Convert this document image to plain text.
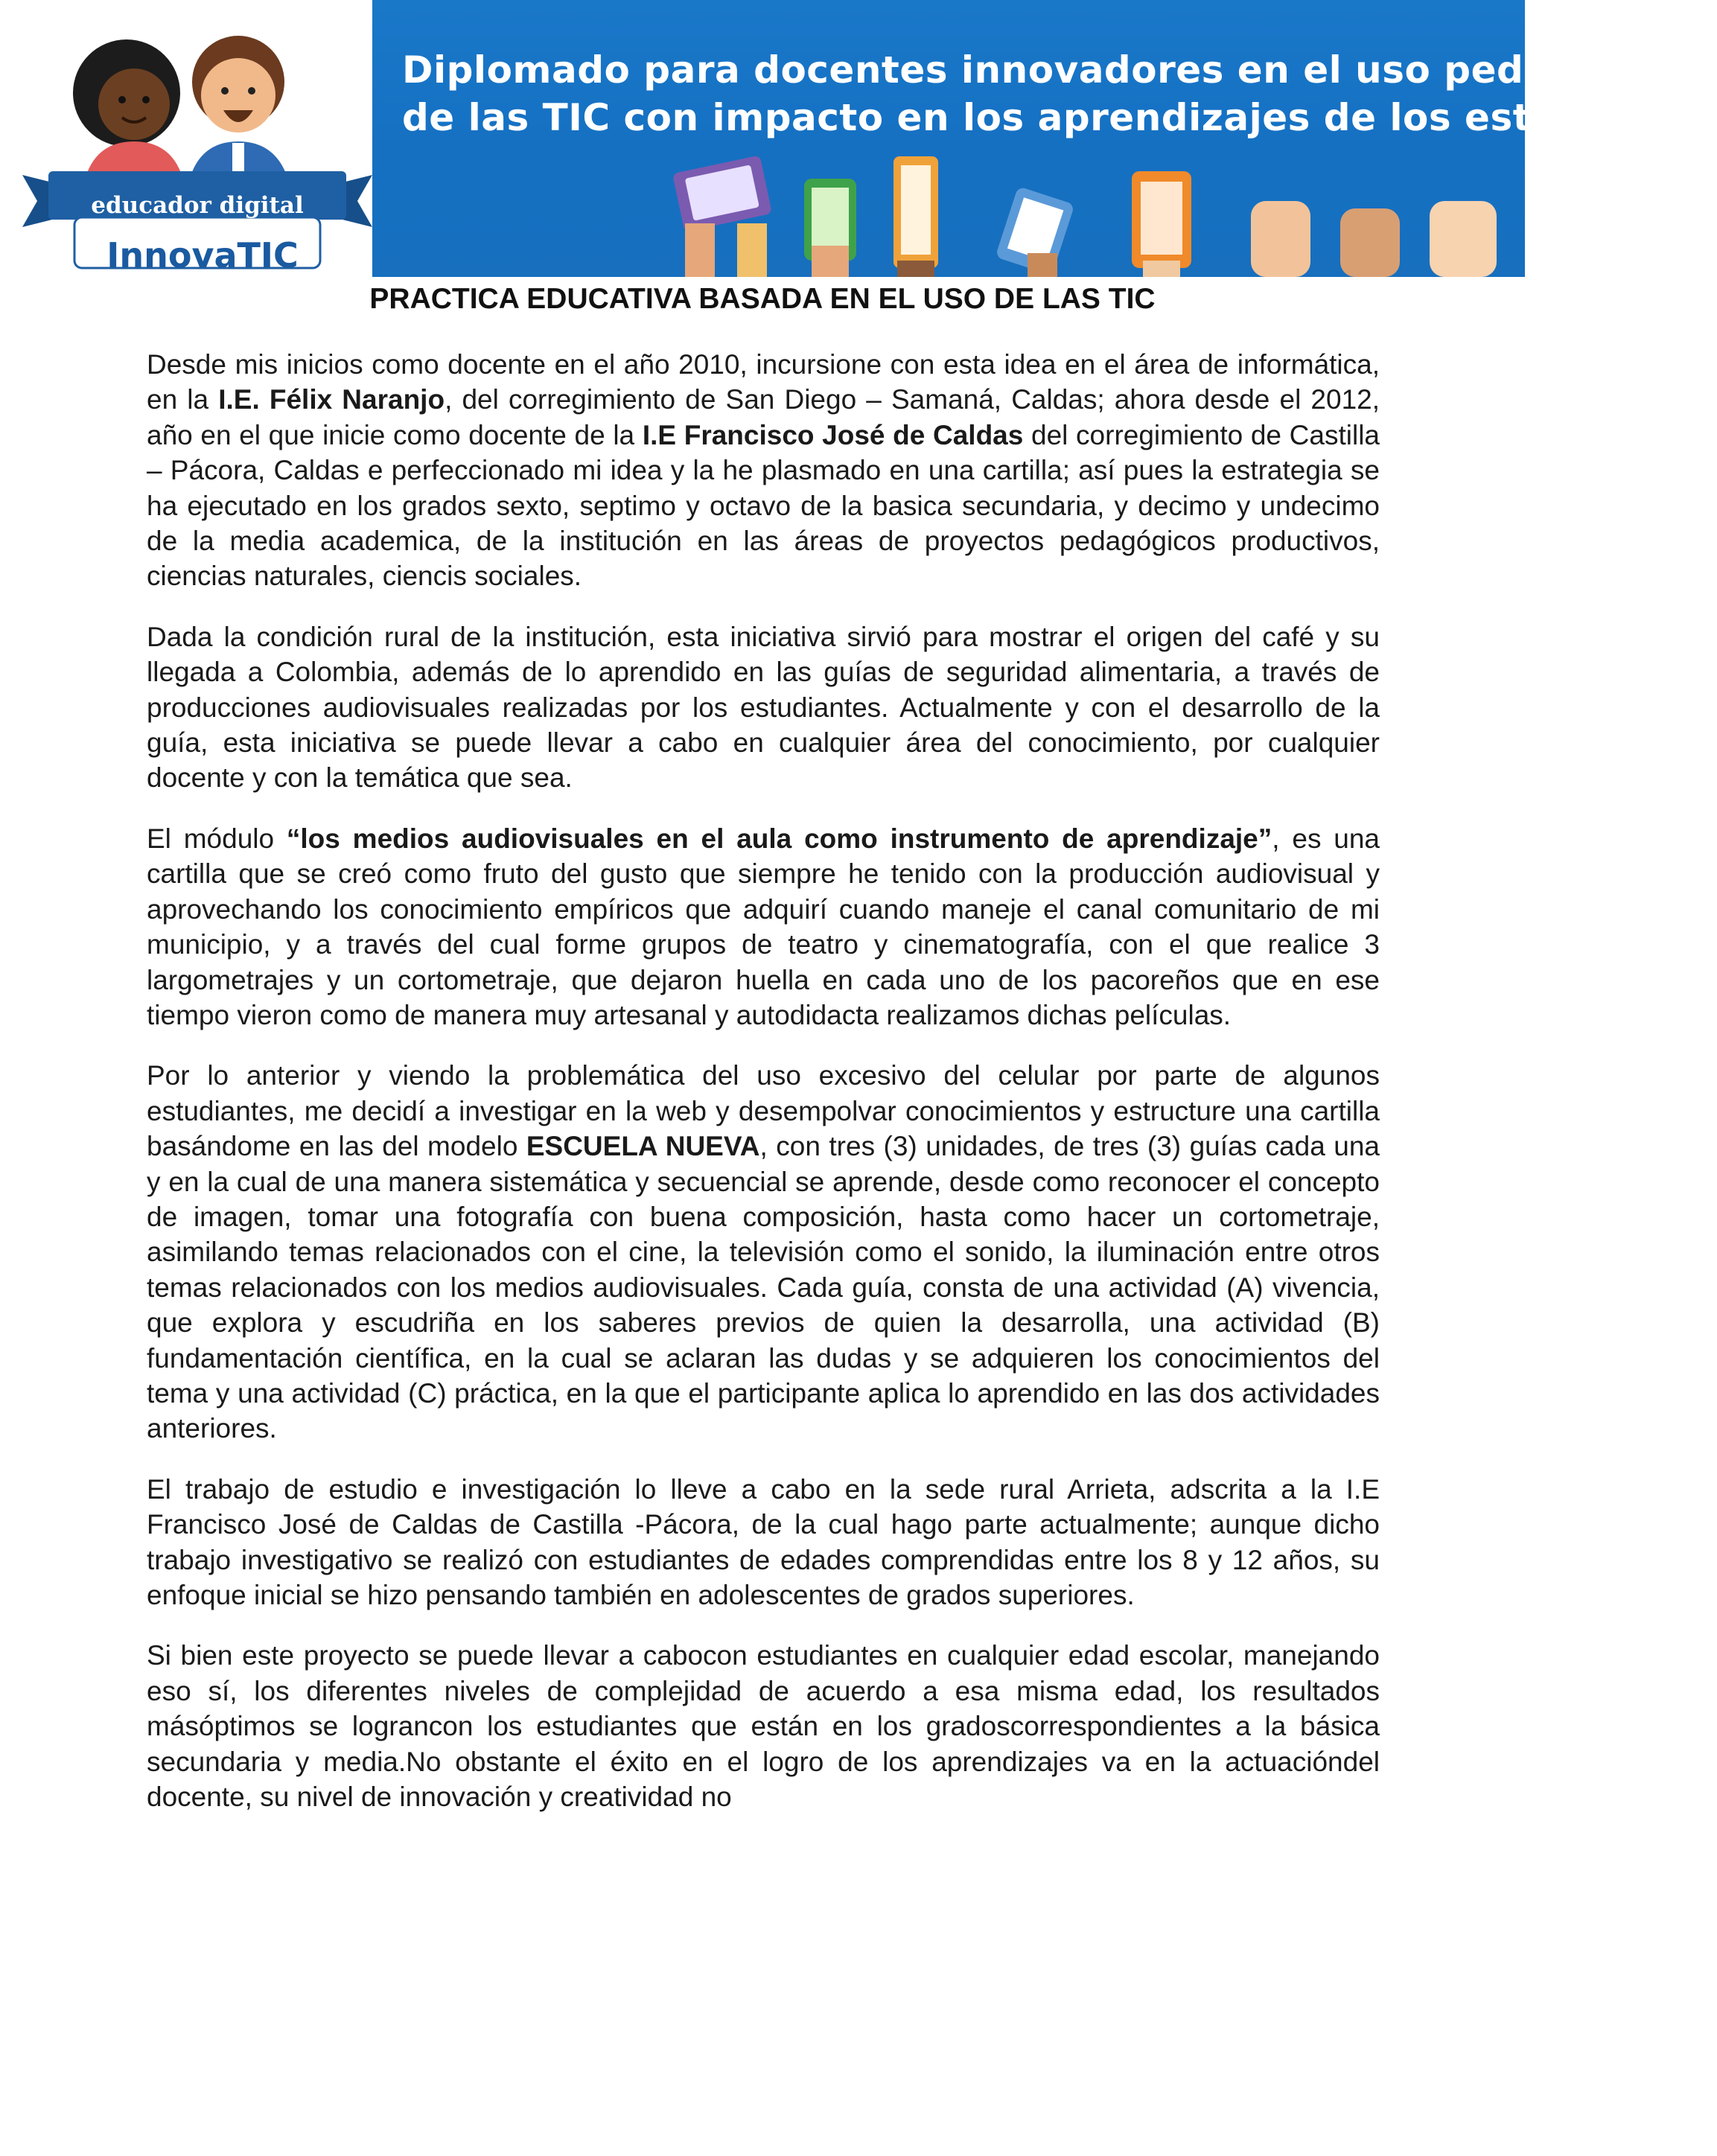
educador digital
InnovaTIC
Diplomado para docentes innovadores en el uso pedagógico
de las TIC con impacto en los aprendizajes de los estudiantes
PRACTICA EDUCATIVA BASADA EN EL USO DE LAS TIC

Desde mis inicios como docente en el año 2010, incursione con esta idea en el área de informática, en la I.E. Félix Naranjo, del corregimiento de San Diego – Samaná, Caldas; ahora desde el 2012, año en el que inicie como docente de la I.E Francisco José de Caldas del corregimiento de Castilla – Pácora, Caldas e perfeccionado mi idea y la he plasmado en una cartilla; así pues la estrategia se ha ejecutado en los grados sexto, septimo y octavo de la basica secundaria, y decimo y undecimo de la media academica, de la institución en las áreas de proyectos pedagógicos productivos, ciencias naturales, ciencis sociales.

Dada la condición rural de la institución, esta iniciativa sirvió para mostrar el origen del café y su llegada a Colombia, además de lo aprendido en las guías de seguridad alimentaria, a través de producciones audiovisuales realizadas por los estudiantes. Actualmente y con el desarrollo de la guía, esta iniciativa se puede llevar a cabo en cualquier área del conocimiento, por cualquier docente y con la temática que sea.

El módulo “los medios audiovisuales en el aula como instrumento de aprendizaje”, es una cartilla que se creó como fruto del gusto que siempre he tenido con la producción audiovisual y aprovechando los conocimiento empíricos que adquirí cuando maneje el canal comunitario de mi municipio, y a través del cual forme grupos de teatro y cinematografía, con el que realice 3 largometrajes y un cortometraje, que dejaron huella en cada uno de los pacoreños que en ese tiempo vieron como de manera muy artesanal y autodidacta realizamos dichas películas.

Por lo anterior y viendo la problemática del uso excesivo del celular por parte de algunos estudiantes, me decidí a investigar en la web y desempolvar conocimientos y estructure una cartilla basándome en las del modelo ESCUELA NUEVA, con tres (3) unidades, de tres (3) guías cada una y en la cual de una manera sistemática y secuencial se aprende, desde como reconocer el concepto de imagen, tomar una fotografía con buena composición, hasta como hacer un cortometraje, asimilando temas relacionados con el cine, la televisión como el sonido, la iluminación entre otros temas relacionados con los medios audiovisuales. Cada guía, consta de una actividad (A) vivencia, que explora y escudriña en los saberes previos de quien la desarrolla, una actividad (B) fundamentación científica, en la cual se aclaran las dudas y se adquieren los conocimientos del tema y una actividad (C) práctica, en la que el participante aplica lo aprendido en las dos actividades anteriores.

El trabajo de estudio e investigación lo lleve a cabo en la sede rural Arrieta, adscrita a la I.E Francisco José de Caldas de Castilla -Pácora, de la cual hago parte actualmente; aunque dicho trabajo investigativo se realizó con estudiantes de edades comprendidas entre los 8 y 12 años, su enfoque inicial se hizo pensando también en adolescentes de grados superiores.

Si bien este proyecto se puede llevar a cabocon estudiantes en cualquier edad escolar, manejando eso sí, los diferentes niveles de complejidad de acuerdo a esa misma edad, los resultados másóptimos se lograncon los estudiantes que están en los gradoscorrespondientes a la básica secundaria y media.No obstante el éxito en el logro de los aprendizajes va en la actuacióndel docente, su nivel de innovación y creatividad no
